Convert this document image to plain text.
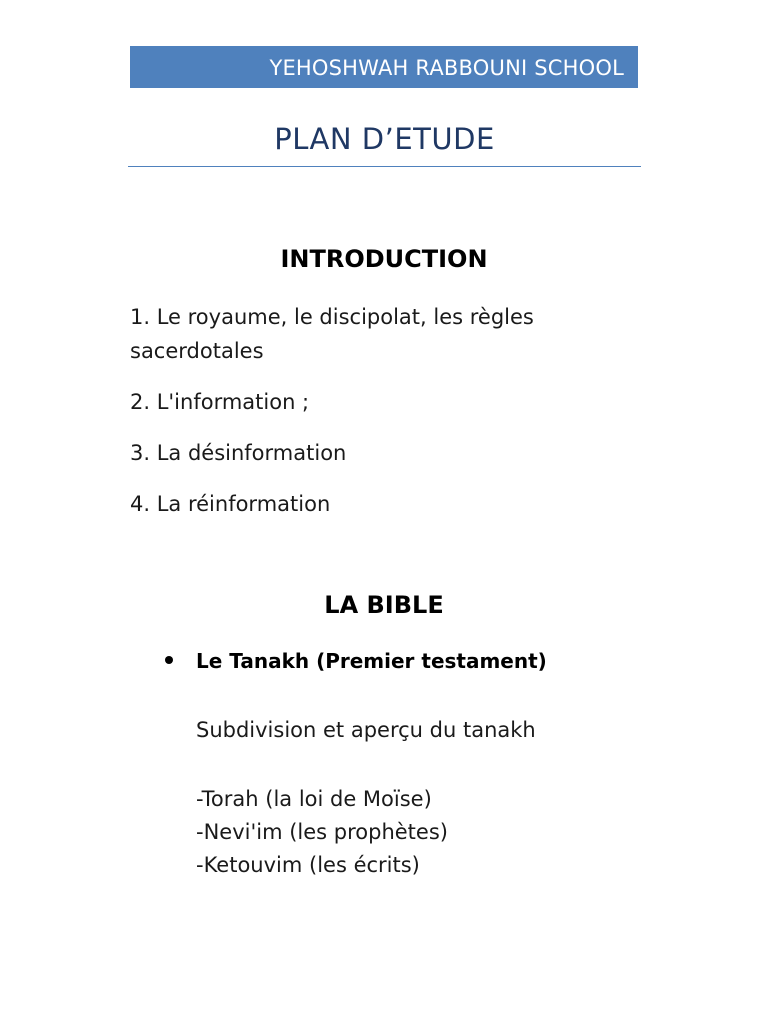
YEHOSHWAH RABBOUNI SCHOOL
PLAN D’ETUDE
INTRODUCTION
1. Le royaume, le discipolat, les règles sacerdotales
2. L'information ;
3. La désinformation
4. La réinformation
LA BIBLE
Le Tanakh (Premier testament)
Subdivision et aperçu du tanakh
-Torah (la loi de Moïse)
-Nevi'im (les prophètes)
-Ketouvim (les écrits)
